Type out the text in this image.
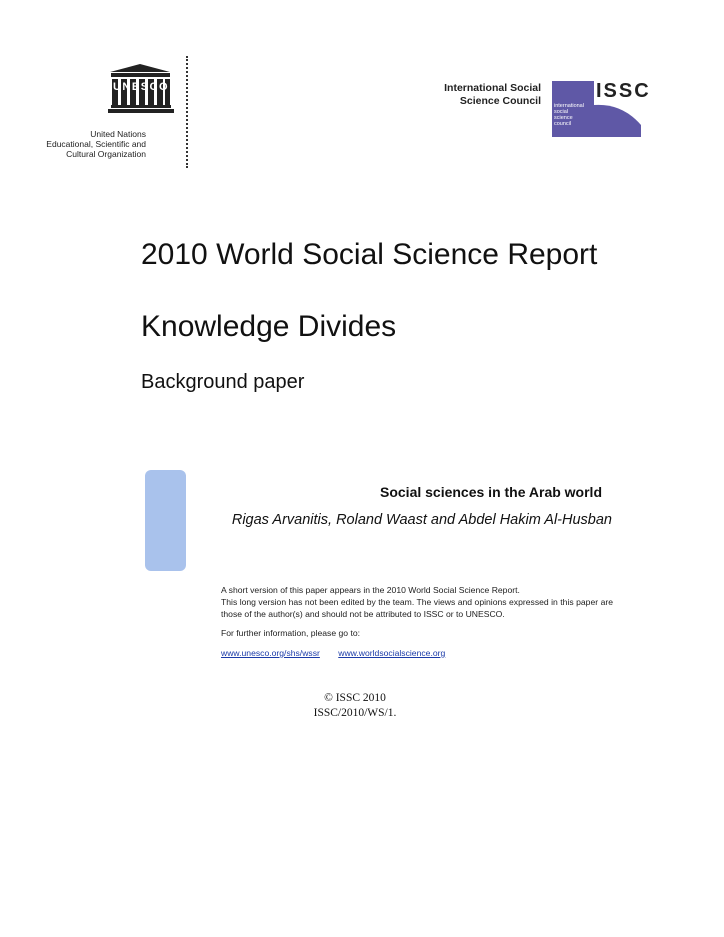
UNESCO
United Nations
Educational, Scientific and
Cultural Organization
International Social
Science Council	ISSC
international
social
science
council
2010 World Social Science Report
Knowledge Divides
Background paper
Social sciences in the Arab world
Rigas Arvanitis, Roland Waast and Abdel Hakim Al-Husban

A short version of this paper appears in the 2010 World Social Science Report.

This long version has not been edited by the team. The views and opinions expressed in this paper are those of the author(s) and should not be attributed to ISSC or to UNESCO.

For further information, please go to:

www.unesco.org/shs/wssr www.worldsocialscience.org
© ISSC 2010
ISSC/2010/WS/1.
